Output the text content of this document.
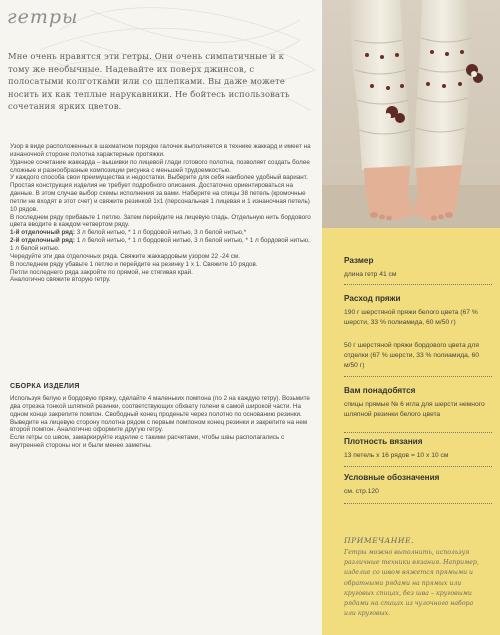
гетры
Мне очень нравятся эти гетры. Они очень симпатичные и к тому же необычные. Надевайте их поверх джинсов, с полосатыми колготками или со шлепками. Вы даже можете носить их как теплые нарукавники. Не бойтесь использовать сочетания ярких цветов.

Узор в виде расположенных в шахматном порядке галочек выполняется в технике жаккард и имеет на изнаночной стороне полотна характерные протяжки.

Удачное сочетание жаккарда – вышивки по лицевой глади готового полотна, позволяет создать более сложные и разнообразные композиции рисунка с меньшей трудоемкостью.

У каждого способа свои преимущества и недостатки. Выберите для себя наиболее удобный вариант.

Простая конструкция изделия не требует подробного описания. Достаточно ориентироваться на данные. В этом случае выбор схемы исполнения за вами. Наберите на спицы 38 петель (кромочные петли не входят в этот счет) и свяжите резинкой 1х1 (персональная 1 лицевая и 1 изнаночная петель) 10 рядов.

В последнем ряду прибавьте 1 петлю. Затем перейдите на лицевую гладь. Отдельную нить бордового цвета вводите в каждом четвертом ряду.

1-й отделочный ряд: 3 л белой нитью, * 1 л бордовой нитью, 3 л белой нитью,*

2-й отделочный ряд: 1 л белой нитью, * 1 л бордовой нитью, 3 л белой нитью, * 1 л бордовой нитью, 1 л белой нитью.

Чередуйте эти два отделочных ряда. Свяжите жаккардовым узором 22 -24 см.

В последнем ряду убавьте 1 петлю и перейдите на резинку 1 х 1. Свяжите 10 рядов.

Петли последнего ряда закройте по прямой, не стягивая край.

Аналогично свяжите вторую гетру.

СБОРКА ИЗДЕЛИЯ

Используя белую и бордовую пряжу, сделайте 4 маленьких помпона (по 2 на каждую гетру). Возьмите два отрезка тонкой шляпной резинки, соответствующих обхвату голени в самой широкой части. На одном конце закрепите помпон. Свободный конец проденьте через полотно по основанию резинки.

Выведите на лицевую сторону полотна рядом с первым помпоном конец резинки и закрепите на нем второй помпон. Аналогично оформите другую гетру.

Если гетры со швом, замаркируйте изделие с такими расчетами, чтобы швы располагались с внутренней стороны ног и были менее заметны.

Размер
длина гетр 41 см
Расход пряжи
190 г шерстяной пряжи белого цвета (67 % шерсти, 33 % полиамида, 60 м/50 г)
50 г шерстяной пряжи бордового цвета для отделки (67 % шерсти, 33 % полиамида, 60 м/50 г)
Вам понадобятся
спицы прямые № 6 игла для шерсти немного шляпной резинки белого цвета
Плотность вязания
13 петель х 16 рядов = 10 х 10 см
Условные обозначения
см. стр.120
ПРИМЕЧАНИЕ.
Гетры можно выполнить, используя различные техники вязания. Например, изделие со швом вяжется прямыми и обратными рядами на прямых или круговых спицах, без шва – круговыми рядами на спицах из чулочного набора или круговых.
